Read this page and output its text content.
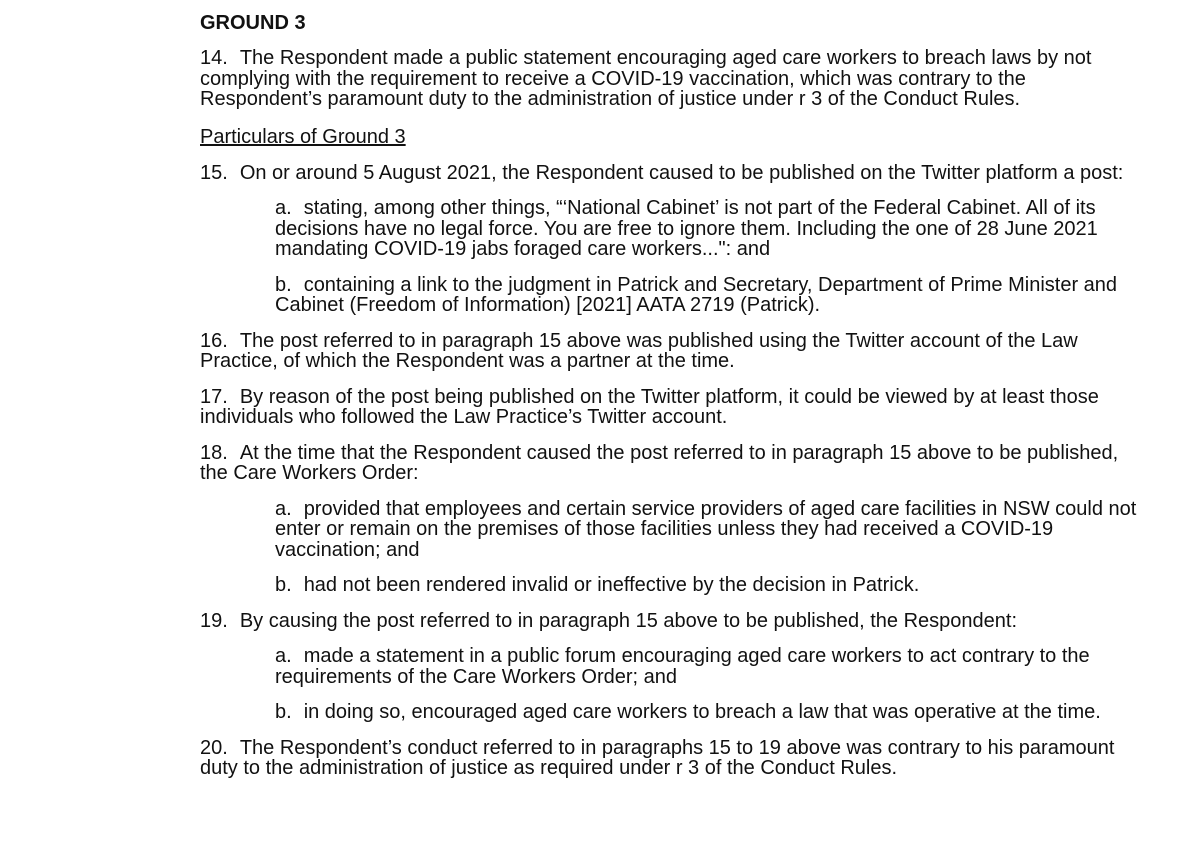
GROUND 3
14. The Respondent made a public statement encouraging aged care workers to breach laws by not complying with the requirement to receive a COVID-19 vaccination, which was contrary to the Respondent’s paramount duty to the administration of justice under r 3 of the Conduct Rules.
Particulars of Ground 3
15. On or around 5 August 2021, the Respondent caused to be published on the Twitter platform a post:
a. stating, among other things, “‘National Cabinet’ is not part of the Federal Cabinet. All of its decisions have no legal force. You are free to ignore them. Including the one of 28 June 2021 mandating COVID-19 jabs foraged care workers...": and
b. containing a link to the judgment in Patrick and Secretary, Department of Prime Minister and Cabinet (Freedom of Information) [2021] AATA 2719 (Patrick).
16. The post referred to in paragraph 15 above was published using the Twitter account of the Law Practice, of which the Respondent was a partner at the time.
17. By reason of the post being published on the Twitter platform, it could be viewed by at least those individuals who followed the Law Practice’s Twitter account.
18. At the time that the Respondent caused the post referred to in paragraph 15 above to be published, the Care Workers Order:
a. provided that employees and certain service providers of aged care facilities in NSW could not enter or remain on the premises of those facilities unless they had received a COVID-19 vaccination; and
b. had not been rendered invalid or ineffective by the decision in Patrick.
19. By causing the post referred to in paragraph 15 above to be published, the Respondent:
a. made a statement in a public forum encouraging aged care workers to act contrary to the requirements of the Care Workers Order; and
b. in doing so, encouraged aged care workers to breach a law that was operative at the time.
20. The Respondent’s conduct referred to in paragraphs 15 to 19 above was contrary to his paramount duty to the administration of justice as required under r 3 of the Conduct Rules.
